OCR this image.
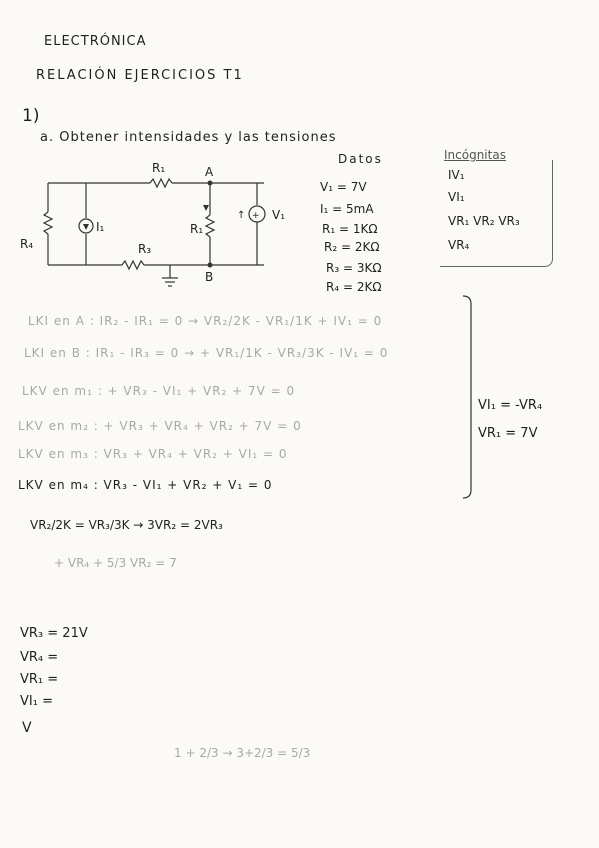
ELECTRÓNICA
RELACIÓN EJERCICIOS T1
1)
a. Obtener intensidades y las tensiones
R₁
R₃
R₁
R₄
I₁
V₁
A
B
+
↑
Datos
V₁ = 7V
I₁ = 5mA
R₁ = 1KΩ
R₂ = 2KΩ
R₃ = 3KΩ
R₄ = 2KΩ
Incógnitas
IV₁
VI₁
VR₁ VR₂ VR₃
VR₄
LKI en A : IR₂ - IR₁ = 0 → VR₂/2K - VR₁/1K + IV₁ = 0
LKI en B : IR₁ - IR₃ = 0 → + VR₁/1K - VR₃/3K - IV₁ = 0
LKV en m₁ : + VR₃ - VI₁ + VR₂ + 7V = 0
LKV en m₂ : + VR₃ + VR₄ + VR₂ + 7V = 0
LKV en m₃ : VR₃ + VR₄ + VR₂ + VI₁ = 0
LKV en m₄ : VR₃ - VI₁ + VR₂ + V₁ = 0
VI₁ = -VR₄
VR₁ = 7V
VR₂/2K = VR₃/3K → 3VR₂ = 2VR₃
+ VR₄ + 5/3 VR₂ = 7
VR₃ = 21V
VR₄ =
VR₁ =
VI₁ =
V
1 + 2/3 → 3+2/3 = 5/3
